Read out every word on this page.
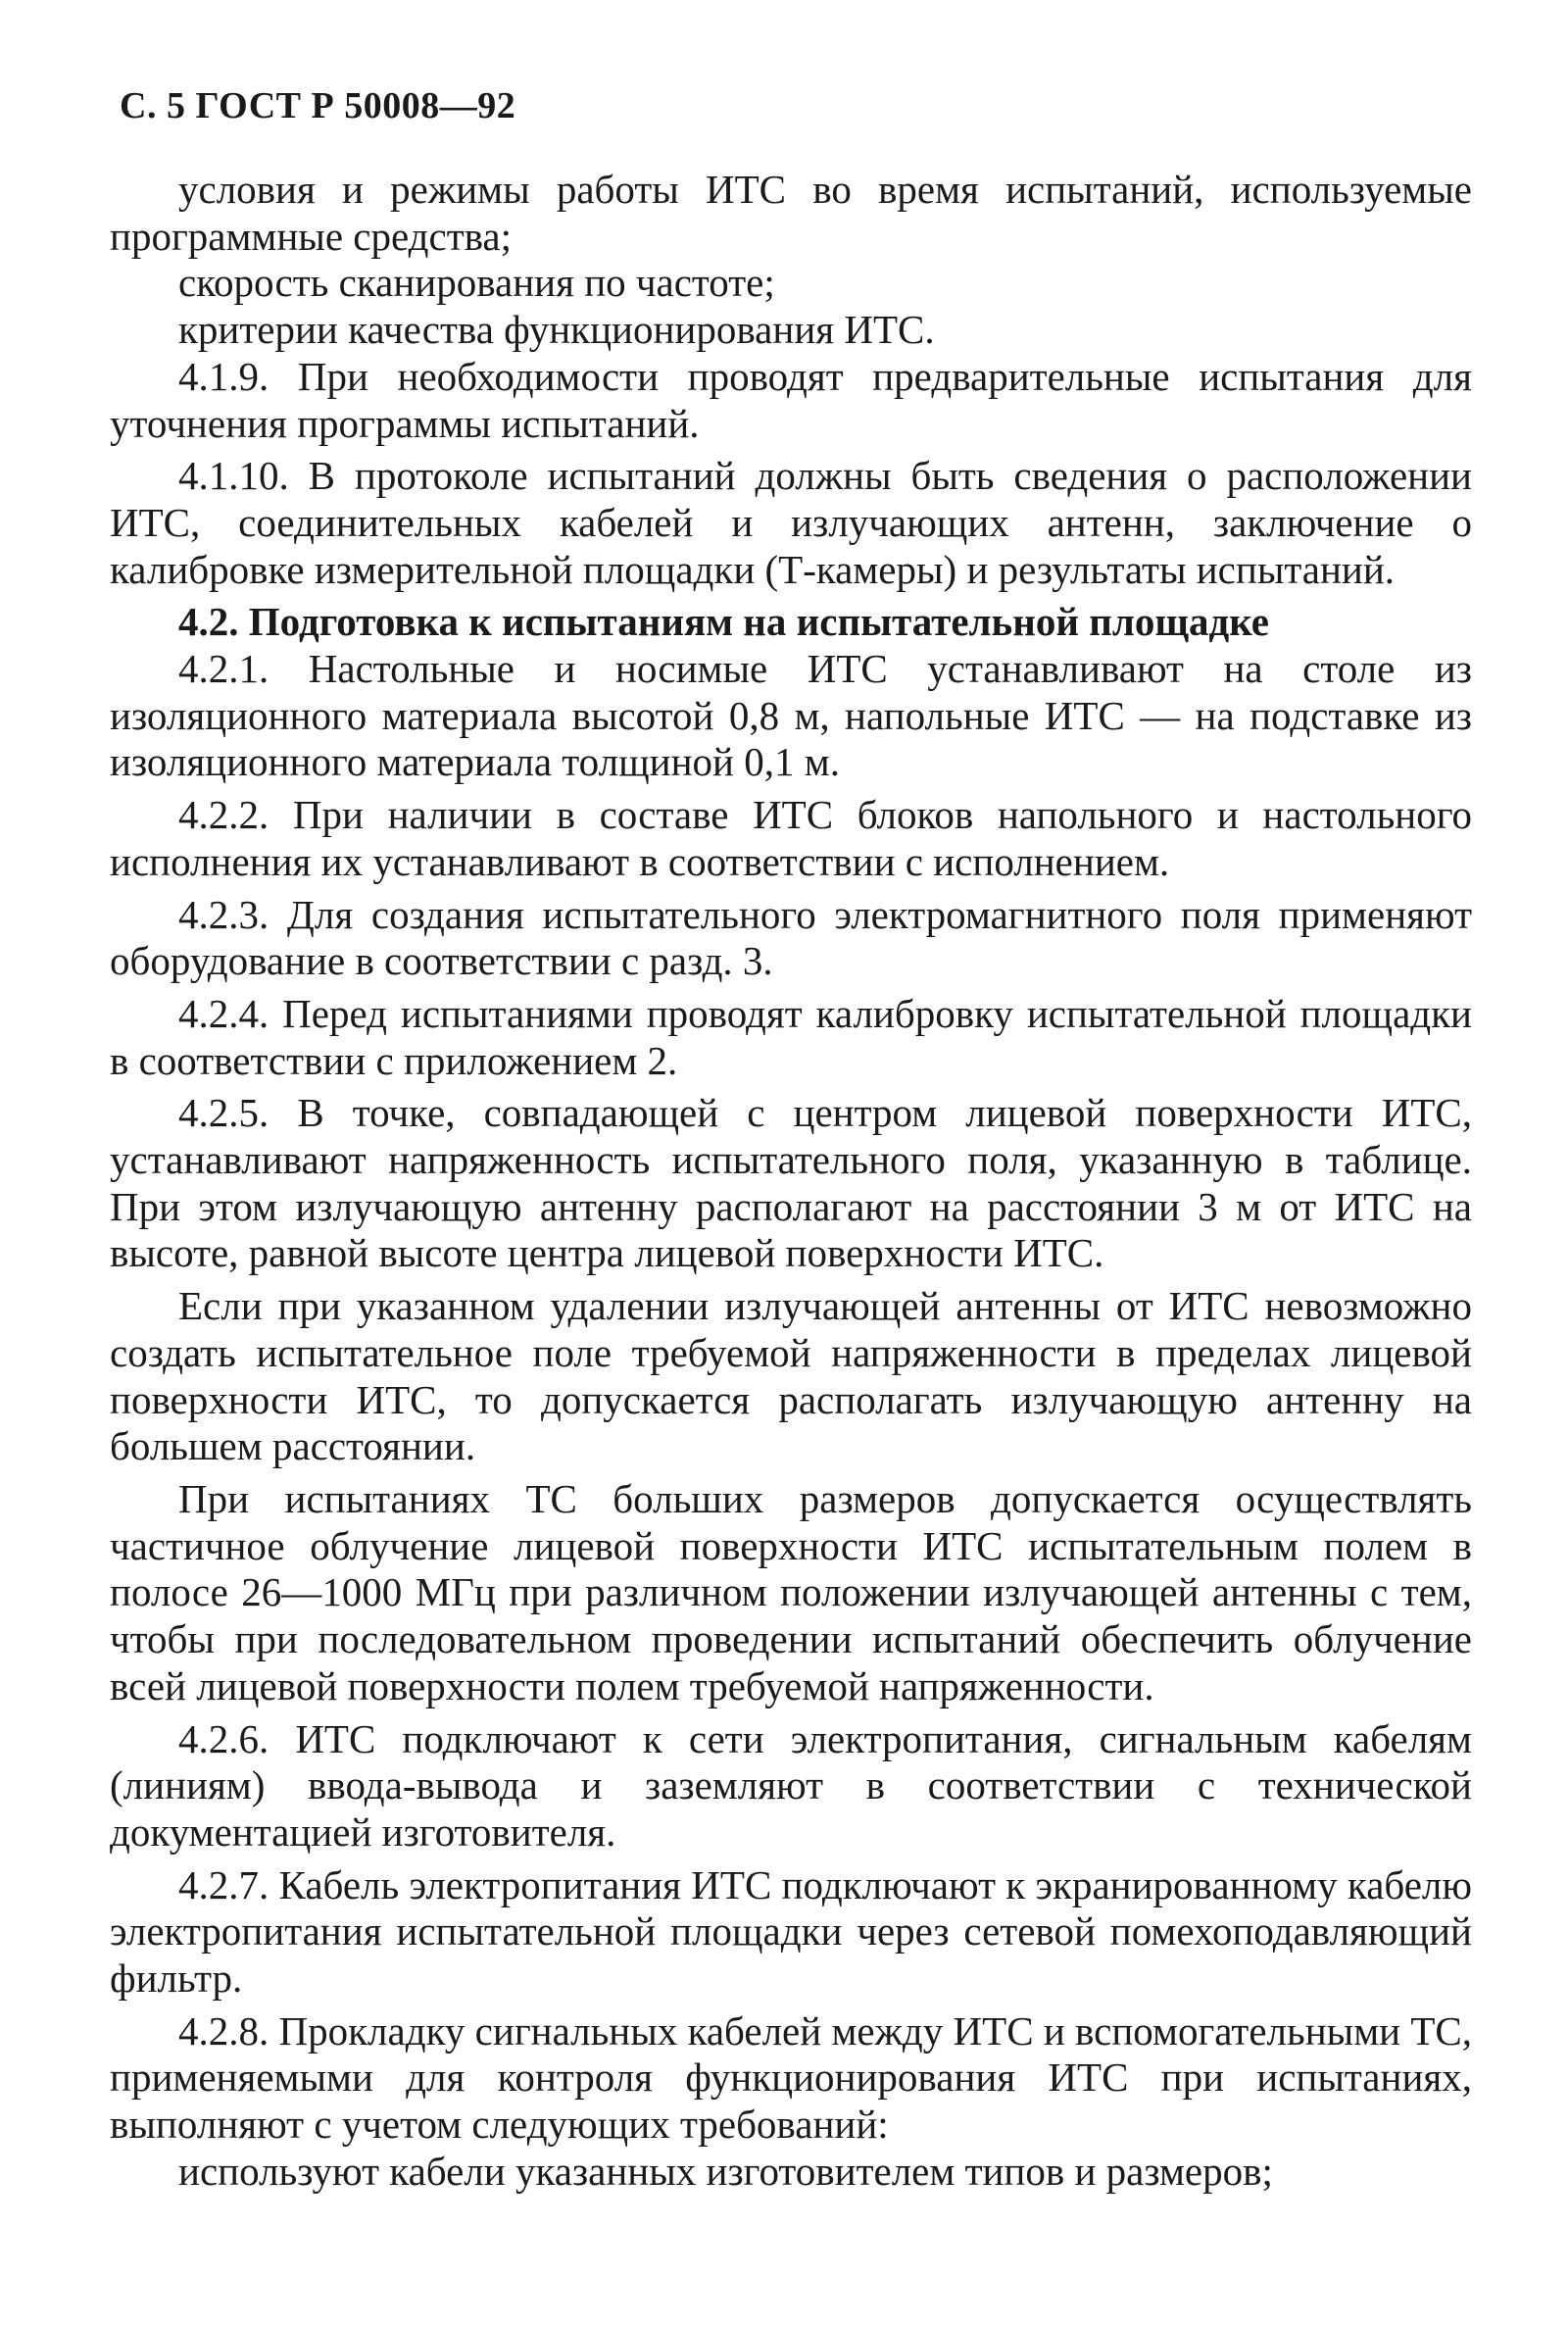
С. 5 ГОСТ Р 50008—92

условия и режимы работы ИТС во время испытаний, используемые программные средства;

скорость сканирования по частоте;

критерии качества функционирования ИТС.

4.1.9. При необходимости проводят предварительные испытания для уточнения программы испытаний.

4.1.10. В протоколе испытаний должны быть сведения о расположении ИТС, соединительных кабелей и излучающих антенн, заключение о калибровке измерительной площадки (Т-камеры) и результаты испытаний.

4.2. Подготовка к испытаниям на испытательной площадке

4.2.1. Настольные и носимые ИТС устанавливают на столе из изоляционного материала высотой 0,8 м, напольные ИТС — на подставке из изоляционного материала толщиной 0,1 м.

4.2.2. При наличии в составе ИТС блоков напольного и настольного исполнения их устанавливают в соответствии с исполнением.

4.2.3. Для создания испытательного электромагнитного поля применяют оборудование в соответствии с разд. 3.

4.2.4. Перед испытаниями проводят калибровку испытательной площадки в соответствии с приложением 2.

4.2.5. В точке, совпадающей с центром лицевой поверхности ИТС, устанавливают напряженность испытательного поля, указанную в таблице. При этом излучающую антенну располагают на расстоянии 3 м от ИТС на высоте, равной высоте центра лицевой поверхности ИТС.

Если при указанном удалении излучающей антенны от ИТС невозможно создать испытательное поле требуемой напряженности в пределах лицевой поверхности ИТС, то допускается располагать излучающую антенну на большем расстоянии.

При испытаниях ТС больших размеров допускается осуществлять частичное облучение лицевой поверхности ИТС испытательным полем в полосе 26—1000 МГц при различном положении излучающей антенны с тем, чтобы при последовательном проведении испытаний обеспечить облучение всей лицевой поверхности полем требуемой напряженности.

4.2.6. ИТС подключают к сети электропитания, сигнальным кабелям (линиям) ввода-вывода и заземляют в соответствии с технической документацией изготовителя.

4.2.7. Кабель электропитания ИТС подключают к экранированному кабелю электропитания испытательной площадки через сетевой помехоподавляющий фильтр.

4.2.8. Прокладку сигнальных кабелей между ИТС и вспомогательными ТС, применяемыми для контроля функционирования ИТС при испытаниях, выполняют с учетом следующих требований:

используют кабели указанных изготовителем типов и размеров;
